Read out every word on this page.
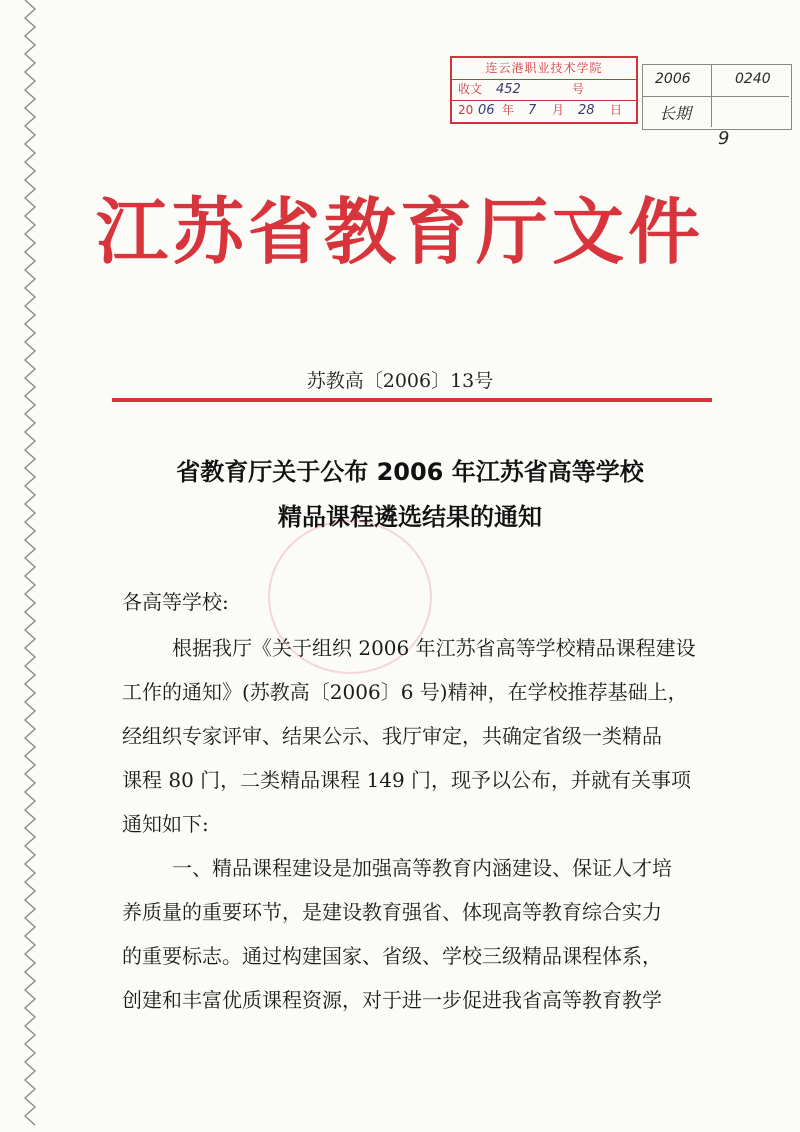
连云港职业技术学院
收文 452	号
20 06 年 7 月 28 日
2006	0240
长期
9
江苏省教育厅文件
苏教高〔2006〕13号
省教育厅关于公布 2006 年江苏省高等学校
精品课程遴选结果的通知
各高等学校:
根据我厅《关于组织 2006 年江苏省高等学校精品课程建设
工作的通知》(苏教高〔2006〕6 号)精神，在学校推荐基础上，
经组织专家评审、结果公示、我厅审定，共确定省级一类精品
课程 80 门，二类精品课程 149 门，现予以公布，并就有关事项
通知如下:
一、精品课程建设是加强高等教育内涵建设、保证人才培
养质量的重要环节，是建设教育强省、体现高等教育综合实力
的重要标志。通过构建国家、省级、学校三级精品课程体系，
创建和丰富优质课程资源，对于进一步促进我省高等教育教学
